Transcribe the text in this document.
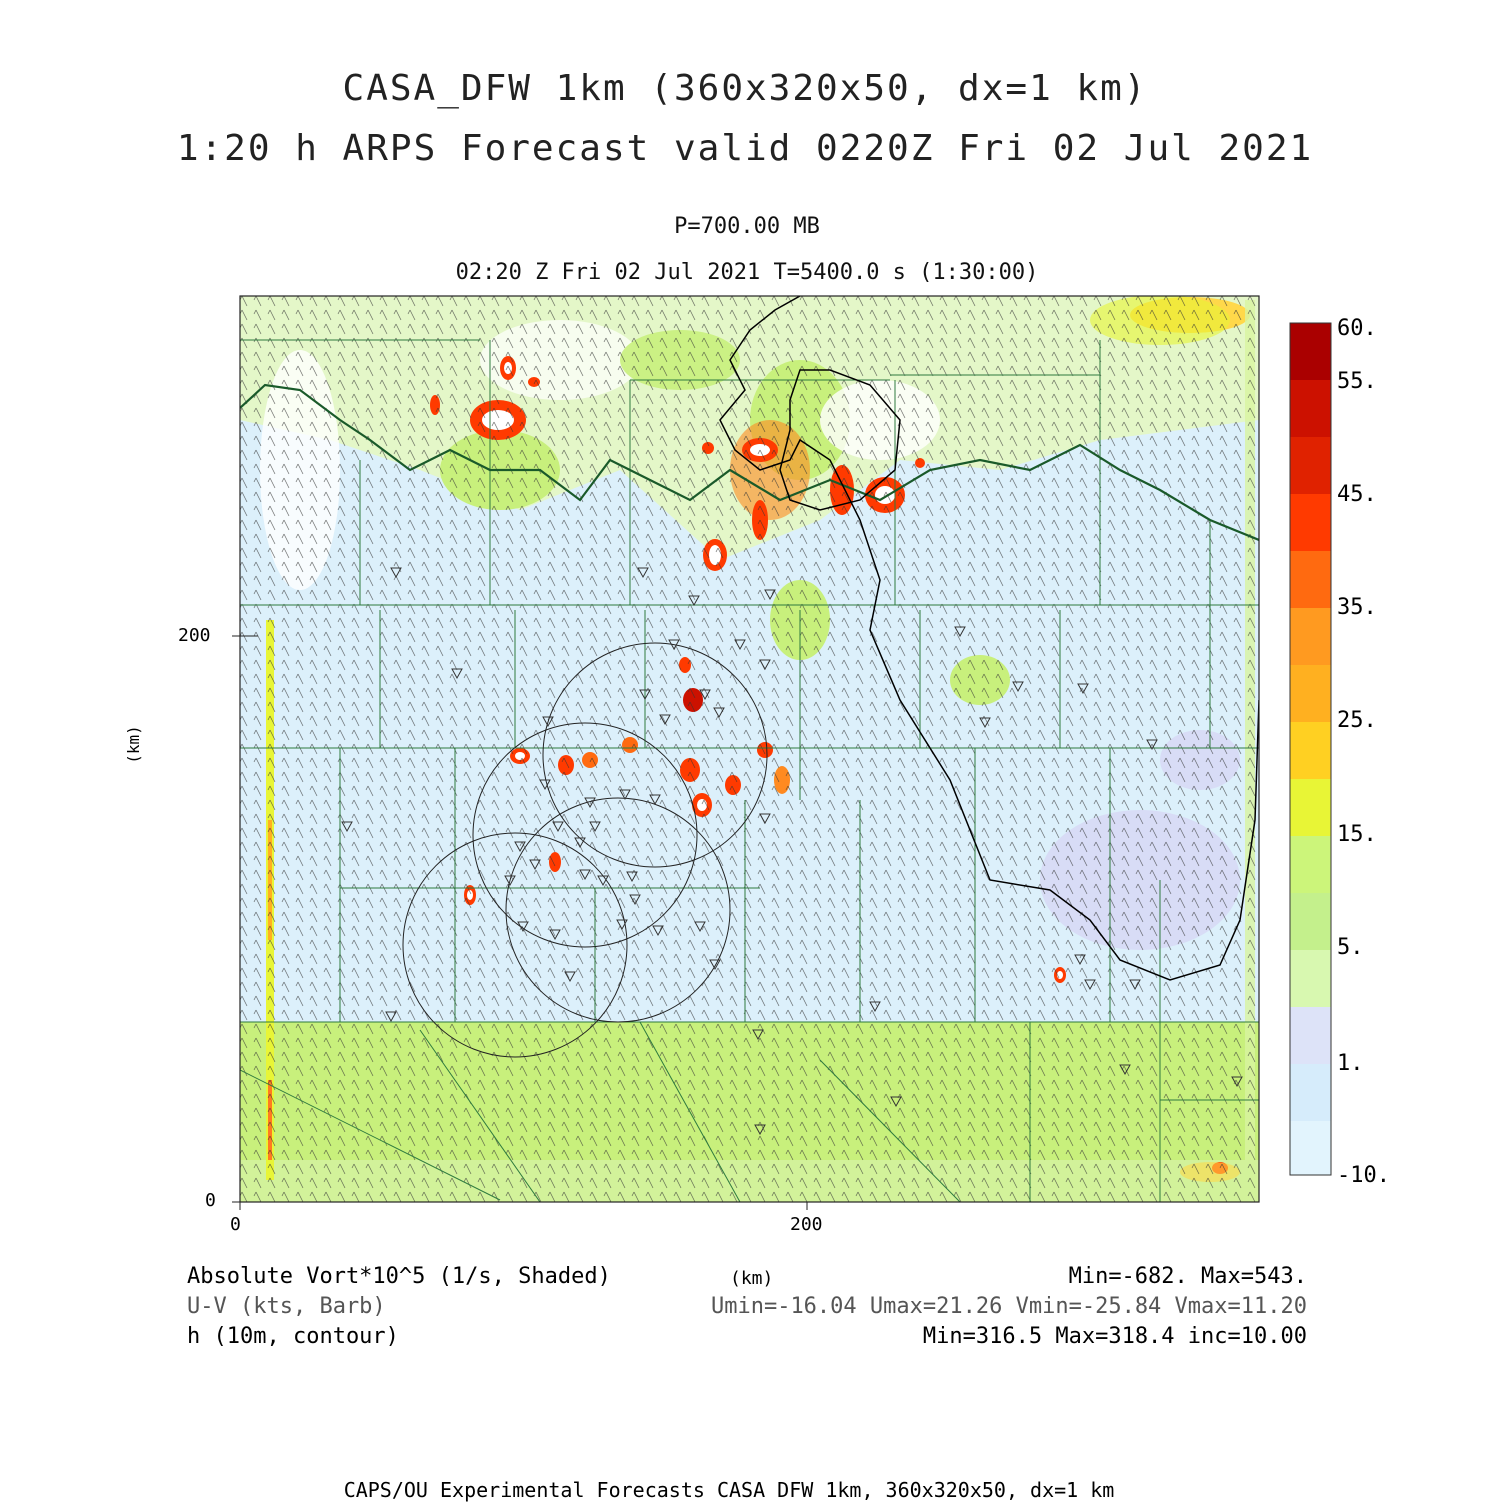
CASA_DFW 1km (360x320x50, dx=1 km)
1:20 h ARPS Forecast valid 0220Z Fri 02 Jul 2021
P=700.00 MB
02:20 Z Fri 02 Jul 2021 T=5400.0 s (1:30:00)
0
200
0	200
(km)
60.
55.
45.
35.
25.
15.
5.
1.
-10.
Absolute Vort*10^5 (1/s, Shaded)	(km)	Min=-682. Max=543.
U-V (kts, Barb)	Umin=-16.04 Umax=21.26 Vmin=-25.84 Vmax=11.20
h (10m, contour)	Min=316.5 Max=318.4 inc=10.00
CAPS/OU Experimental Forecasts CASA DFW 1km, 360x320x50, dx=1 km
